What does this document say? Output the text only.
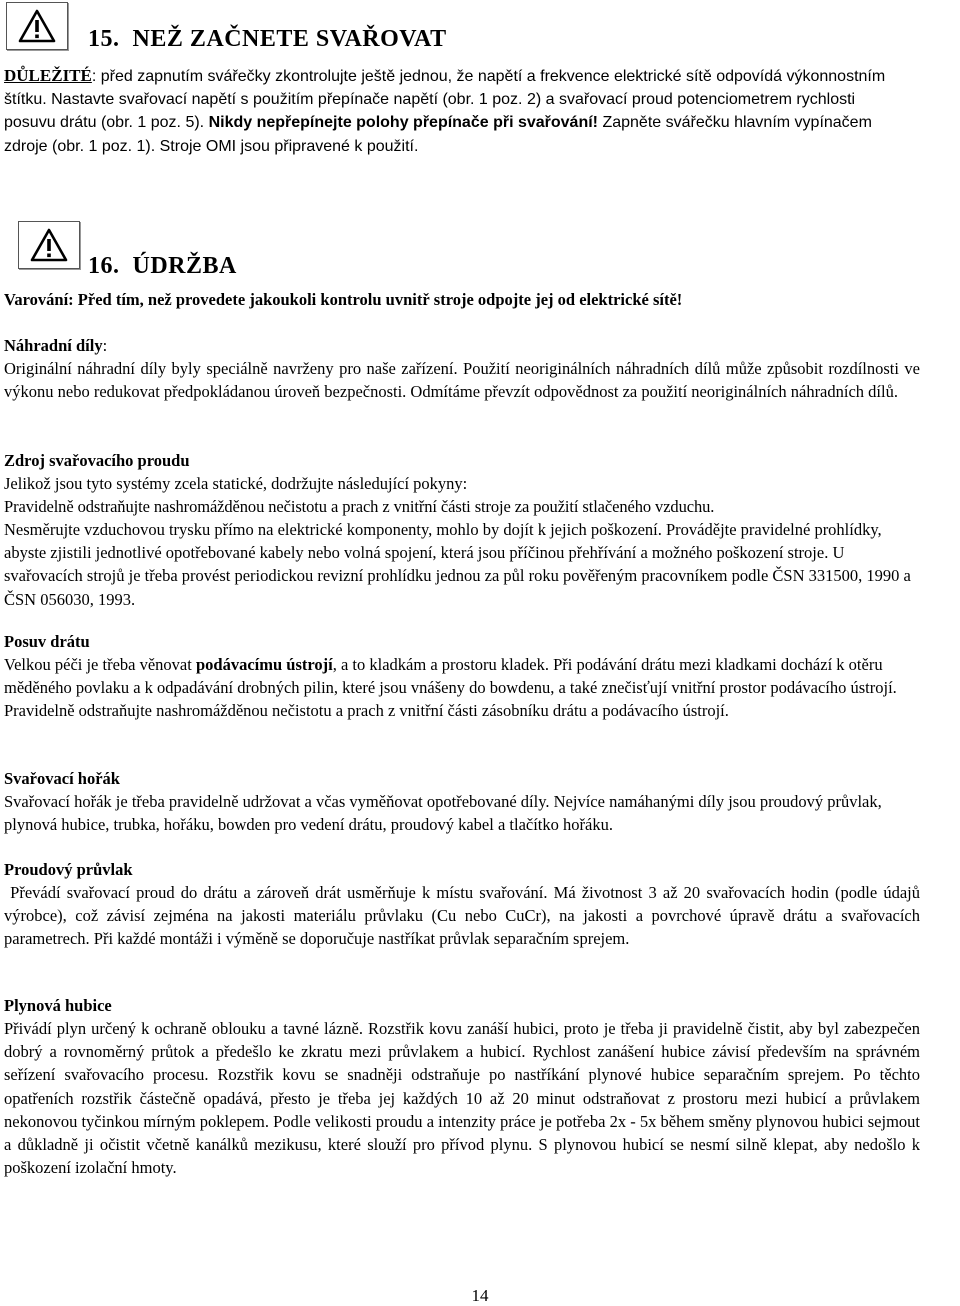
15. NEŽ ZAČNETE SVAŘOVAT
DŮLEŽITÉ: před zapnutím svářečky zkontrolujte ještě jednou, že napětí a frekvence elektrické sítě odpovídá výkonnostním štítku. Nastavte svařovací napětí s použitím přepínače napětí (obr. 1 poz. 2) a svařovací proud potenciometrem rychlosti posuvu drátu (obr. 1 poz. 5). Nikdy nepřepínejte polohy přepínače při svařování! Zapněte svářečku hlavním vypínačem zdroje (obr. 1 poz. 1). Stroje OMI jsou připravené k použití.
16. ÚDRŽBA
Varování: Před tím, než provedete jakoukoli kontrolu uvnitř stroje odpojte jej od elektrické sítě!
Náhradní díly:
Originální náhradní díly byly speciálně navrženy pro naše zařízení. Použití neoriginálních náhradních dílů může způsobit rozdílnosti ve výkonu nebo redukovat předpokládanou úroveň bezpečnosti. Odmítáme převzít odpovědnost za použití neoriginálních náhradních dílů.
Zdroj svařovacího proudu
Jelikož jsou tyto systémy zcela statické, dodržujte následující pokyny:
Pravidelně odstraňujte nashromážděnou nečistotu a prach z vnitřní části stroje za použití stlačeného vzduchu.
Nesměrujte vzduchovou trysku přímo na elektrické komponenty, mohlo by dojít k jejich poškození. Provádějte pravidelné prohlídky, abyste zjistili jednotlivé opotřebované kabely nebo volná spojení, která jsou příčinou přehřívání a možného poškození stroje. U svařovacích strojů je třeba provést periodickou revizní prohlídku jednou za půl roku pověřeným pracovníkem podle ČSN 331500, 1990 a ČSN 056030, 1993.
Posuv drátu
Velkou péči je třeba věnovat podávacímu ústrojí, a to kladkám a prostoru kladek. Při podávání drátu mezi kladkami dochází k otěru měděného povlaku a k odpadávání drobných pilin, které jsou vnášeny do bowdenu, a také znečisťují vnitřní prostor podávacího ústrojí. Pravidelně odstraňujte nashromážděnou nečistotu a prach z vnitřní části zásobníku drátu a podávacího ústrojí.
Svařovací hořák
Svařovací hořák je třeba pravidelně udržovat a včas vyměňovat opotřebované díly. Nejvíce namáhanými díly jsou proudový průvlak, plynová hubice, trubka, hořáku, bowden pro vedení drátu, proudový kabel a tlačítko hořáku.
Proudový průvlak
Převádí svařovací proud do drátu a zároveň drát usměrňuje k místu svařování. Má životnost 3 až 20 svařovacích hodin (podle údajů výrobce), což závisí zejména na jakosti materiálu průvlaku (Cu nebo CuCr), na jakosti a povrchové úpravě drátu a svařovacích parametrech. Při každé montáži i výměně se doporučuje nastříkat průvlak separačním sprejem.
Plynová hubice
Přivádí plyn určený k ochraně oblouku a tavné lázně. Rozstřik kovu zanáší hubici, proto je třeba ji pravidelně čistit, aby byl zabezpečen dobrý a rovnoměrný průtok a předešlo ke zkratu mezi průvlakem a hubicí. Rychlost zanášení hubice závisí především na správném seřízení svařovacího procesu. Rozstřik kovu se snadněji odstraňuje po nastříkání plynové hubice separačním sprejem. Po těchto opatřeních rozstřik částečně opadává, přesto je třeba jej každých 10 až 20 minut odstraňovat z prostoru mezi hubicí a průvlakem nekonovou tyčinkou mírným poklepem. Podle velikosti proudu a intenzity práce je potřeba 2x - 5x během směny plynovou hubici sejmout a důkladně ji očistit včetně kanálků mezikusu, které slouží pro přívod plynu. S plynovou hubicí se nesmí silně klepat, aby nedošlo k poškození izolační hmoty.
14
